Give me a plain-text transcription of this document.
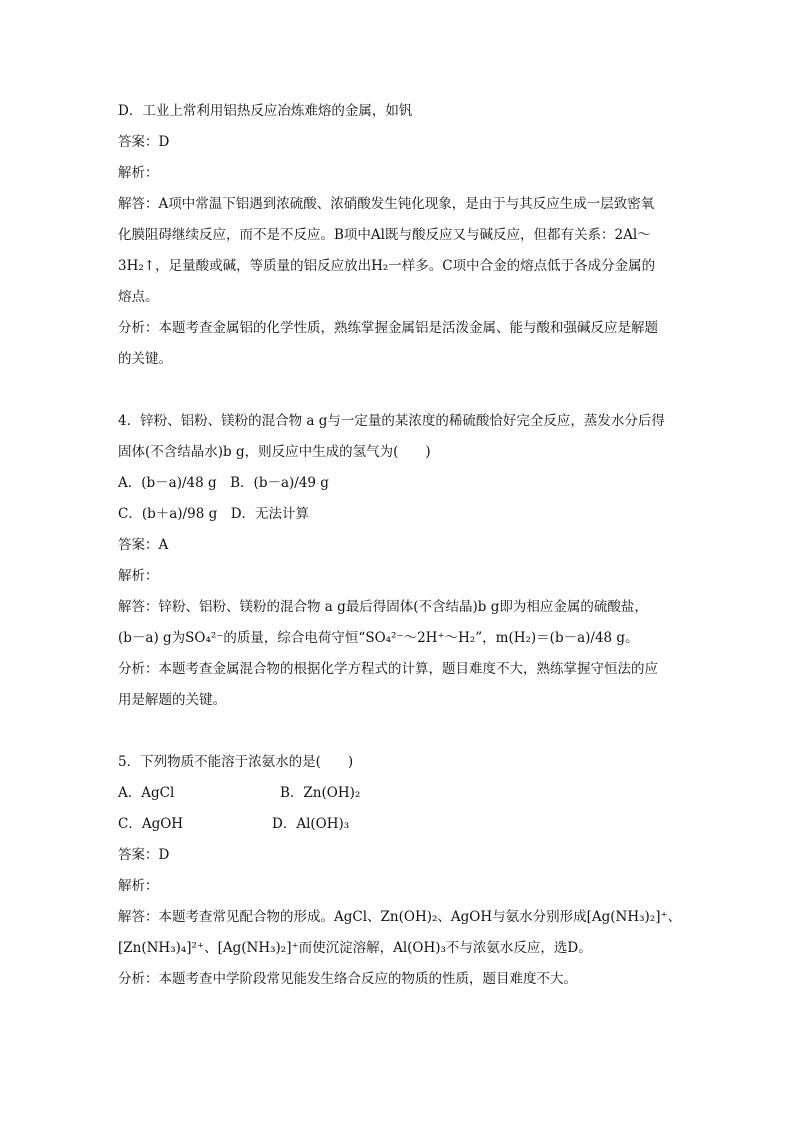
D．工业上常利用铝热反应冶炼难熔的金属，如钒
答案：D
解析：
解答：A项中常温下铝遇到浓硫酸、浓硝酸发生钝化现象，是由于与其反应生成一层致密氧
化膜阻碍继续反应，而不是不反应。B项中Al既与酸反应又与碱反应，但都有关系：2Al～
3H₂↑，足量酸或碱，等质量的铝反应放出H₂一样多。C项中合金的熔点低于各成分金属的
熔点。
分析：本题考查金属铝的化学性质，熟练掌握金属铝是活泼金属、能与酸和强碱反应是解题
的关键。
4．锌粉、铝粉、镁粉的混合物 a g与一定量的某浓度的稀硫酸恰好完全反应，蒸发水分后得
固体(不含结晶水)b g，则反应中生成的氢气为(　　)
A．(b－a)/48 g　B．(b－a)/49 g
C．(b＋a)/98 g　D．无法计算
答案：A
解析：
解答：锌粉、铝粉、镁粉的混合物 a g最后得固体(不含结晶)b g即为相应金属的硫酸盐，
(b－a) g为SO₄²⁻的质量，综合电荷守恒“SO₄²⁻～2H⁺～H₂”，m(H₂)＝(b－a)/48 g。
分析：本题考查金属混合物的根据化学方程式的计算，题目难度不大，熟练掌握守恒法的应
用是解题的关键。
5．下列物质不能溶于浓氨水的是(　　)
A．AgCl	B．Zn(OH)₂
C．AgOH	D．Al(OH)₃
答案：D
解析：
解答：本题考查常见配合物的形成。AgCl、Zn(OH)₂、AgOH与氨水分别形成[Ag(NH₃)₂]⁺、
[Zn(NH₃)₄]²⁺、[Ag(NH₃)₂]⁺而使沉淀溶解，Al(OH)₃不与浓氨水反应，选D。
分析：本题考查中学阶段常见能发生络合反应的物质的性质，题目难度不大。
